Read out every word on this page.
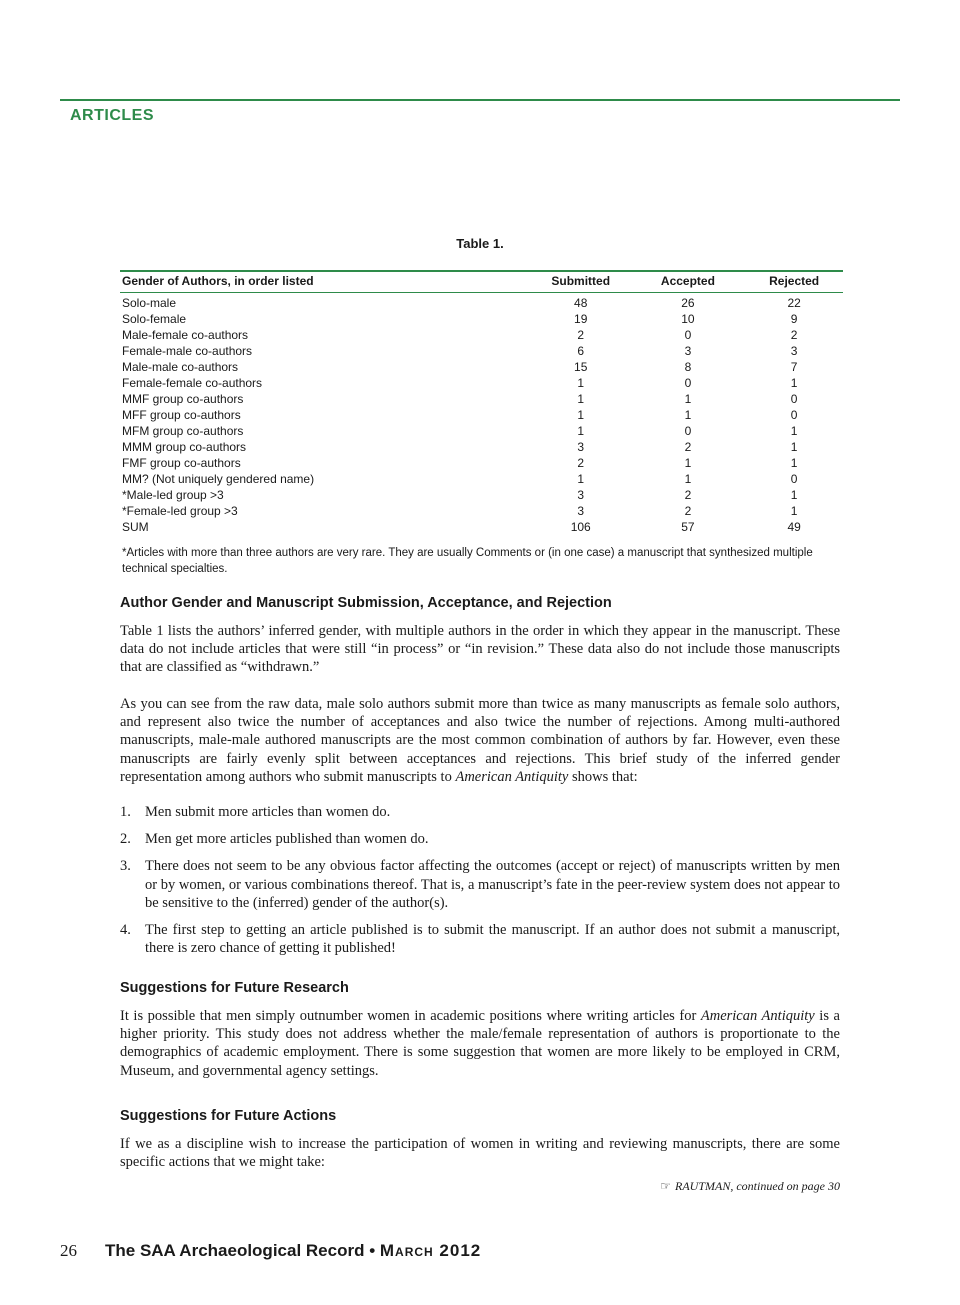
ARTICLES
Table 1.
Gender of Authors, in order listed	Submitted	Accepted	Rejected
Solo-male	48	26	22
Solo-female	19	10	9
Male-female co-authors	2	0	2
Female-male co-authors	6	3	3
Male-male co-authors	15	8	7
Female-female co-authors	1	0	1
MMF group co-authors	1	1	0
MFF group co-authors	1	1	0
MFM group co-authors	1	0	1
MMM group co-authors	3	2	1
FMF group co-authors	2	1	1
MM? (Not uniquely gendered name)	1	1	0
*Male-led group >3	3	2	1
*Female-led group >3	3	2	1
SUM	106	57	49
*Articles with more than three authors are very rare. They are usually Comments or (in one case) a manuscript that synthesized multiple technical specialties.
Author Gender and Manuscript Submission, Acceptance, and Rejection
Table 1 lists the authors’ inferred gender, with multiple authors in the order in which they appear in the manuscript. These data do not include articles that were still “in process” or “in revision.” These data also do not include those manuscripts that are classified as “withdrawn.”
As you can see from the raw data, male solo authors submit more than twice as many manuscripts as female solo authors, and represent also twice the number of acceptances and also twice the number of rejections. Among multi-authored manuscripts, male-male authored manuscripts are the most common combination of authors by far. However, even these manuscripts are fairly evenly split between acceptances and rejections. This brief study of the inferred gender representation among authors who submit manuscripts to American Antiquity shows that:
1. Men submit more articles than women do.
2. Men get more articles published than women do.
3. There does not seem to be any obvious factor affecting the outcomes (accept or reject) of manuscripts written by men or by women, or various combinations thereof. That is, a manuscript’s fate in the peer-review system does not appear to be sensitive to the (inferred) gender of the author(s).
4. The first step to getting an article published is to submit the manuscript. If an author does not submit a manuscript, there is zero chance of getting it published!
Suggestions for Future Research
It is possible that men simply outnumber women in academic positions where writing articles for American Antiquity is a higher priority. This study does not address whether the male/female representation of authors is proportionate to the demographics of academic employment. There is some suggestion that women are more likely to be employed in CRM, Museum, and governmental agency settings.
Suggestions for Future Actions
If we as a discipline wish to increase the participation of women in writing and reviewing manuscripts, there are some specific actions that we might take:
☞ RAUTMAN, continued on page 30
26 The SAA Archaeological Record • March 2012
